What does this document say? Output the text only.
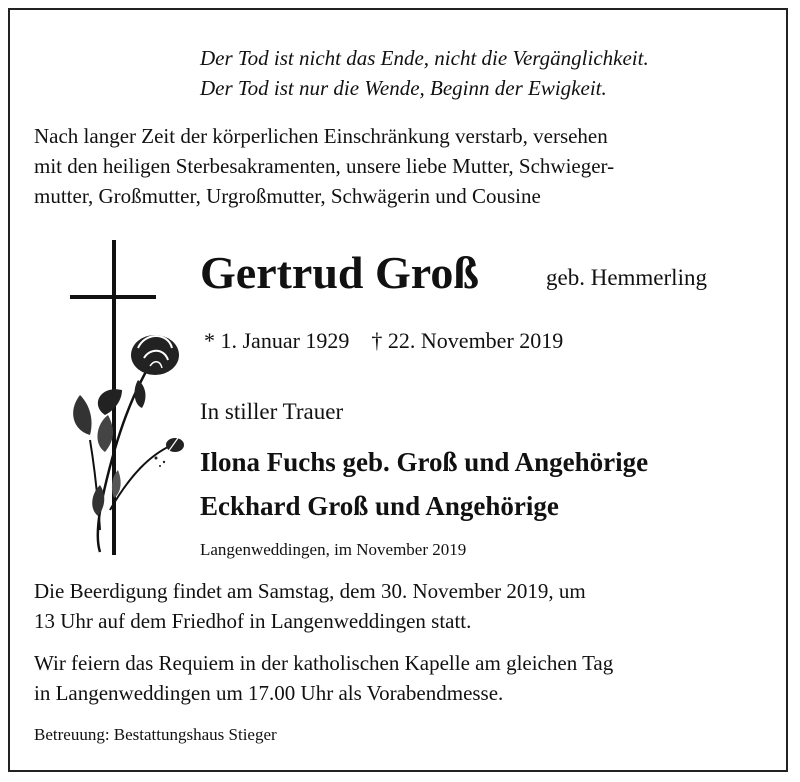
Der Tod ist nicht das Ende, nicht die Vergänglichkeit.
Der Tod ist nur die Wende, Beginn der Ewigkeit.
Nach langer Zeit der körperlichen Einschränkung verstarb, versehen
mit den heiligen Sterbesakramenten, unsere liebe Mutter, Schwieger-
mutter, Großmutter, Urgroßmutter, Schwägerin und Cousine
Gertrud Groß	geb. Hemmerling
* 1. Januar 1929 † 22. November 2019
In stiller Trauer
Ilona Fuchs geb. Groß und Angehörige
Eckhard Groß und Angehörige
Langenweddingen, im November 2019
Die Beerdigung findet am Samstag, dem 30. November 2019, um
13 Uhr auf dem Friedhof in Langenweddingen statt.
Wir feiern das Requiem in der katholischen Kapelle am gleichen Tag
in Langenweddingen um 17.00 Uhr als Vorabendmesse.
Betreuung: Bestattungshaus Stieger
